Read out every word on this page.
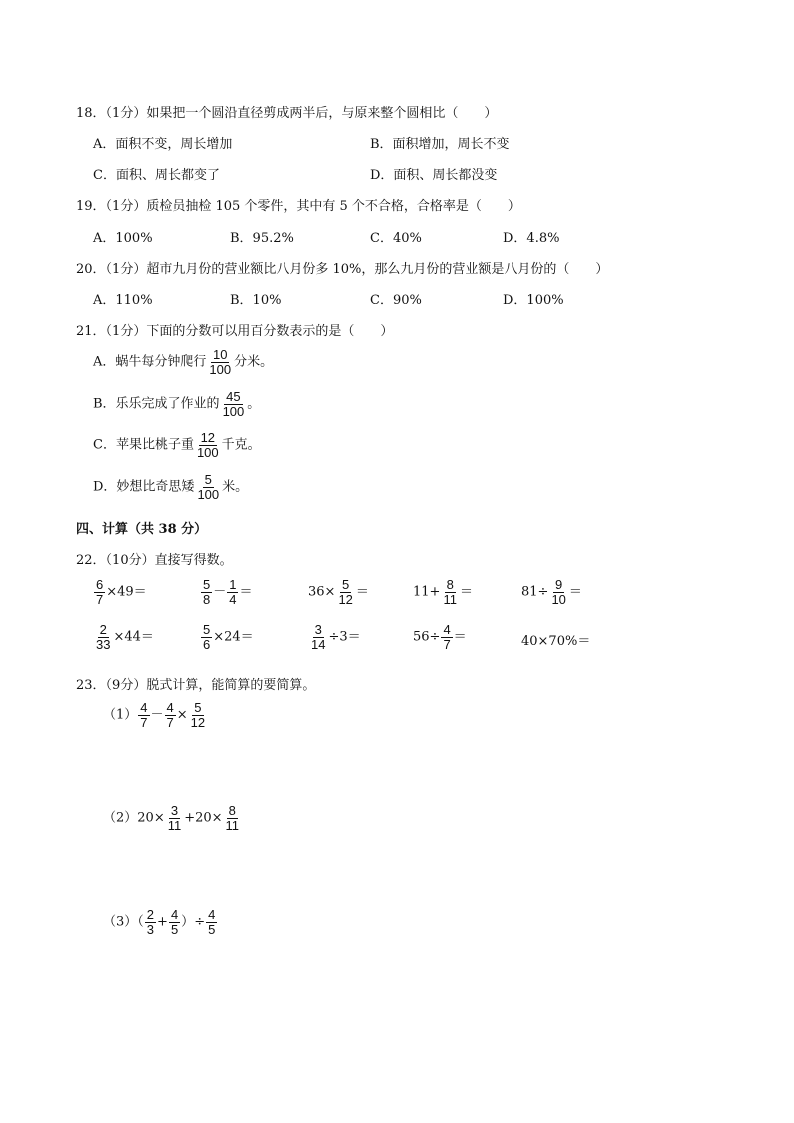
18．（1分）如果把一个圆沿直径剪成两半后，与原来整个圆相比（　　）
A．面积不变，周长增加	B．面积增加，周长不变
C．面积、周长都变了	D．面积、周长都没变
19．（1分）质检员抽检 105 个零件，其中有 5 个不合格，合格率是（　　）
A．100%	B．95.2%	C．40%	D．4.8%
20．（1分）超市九月份的营业额比八月份多 10%，那么九月份的营业额是八月份的（　　）
A．110%	B．10%	C．90%	D．100%
21．（1分）下面的分数可以用百分数表示的是（　　）
A．蜗牛每分钟爬行 $\frac{10}{100}$ 分米。
B．乐乐完成了作业的 $\frac{45}{100}$ 。
C．苹果比桃子重 $\frac{12}{100}$ 千克。
D．妙想比奇思矮 $\frac{5}{100}$ 米。
四、计算（共 38 分）
22．（10分）直接写得数。
$\frac{6}{7} \times 49=$	$\frac{5}{8} - \frac{1}{4}$ ＝	$36\times \frac{5}{12}$ ＝	$11+ \frac{8}{11}$ ＝	$81\div \frac{9}{10}$ ＝
$\frac{2}{33} \times 44=$	$\frac{5}{6} \times 24=$	$\frac{3}{14} \div 3=$	$56\div \frac{4}{7}$ ＝	40×70%＝
23．（9分）脱式计算，能简算的要简算。
$(1) \frac{4}{7} - \frac{4}{7} \times \frac{5}{12}$
$(2)20\times \frac{3}{11} +20\times \frac{8}{11}$
$(3)( \frac{2}{3} + \frac{4}{5}$ ）÷ $\frac{4}{5}$
